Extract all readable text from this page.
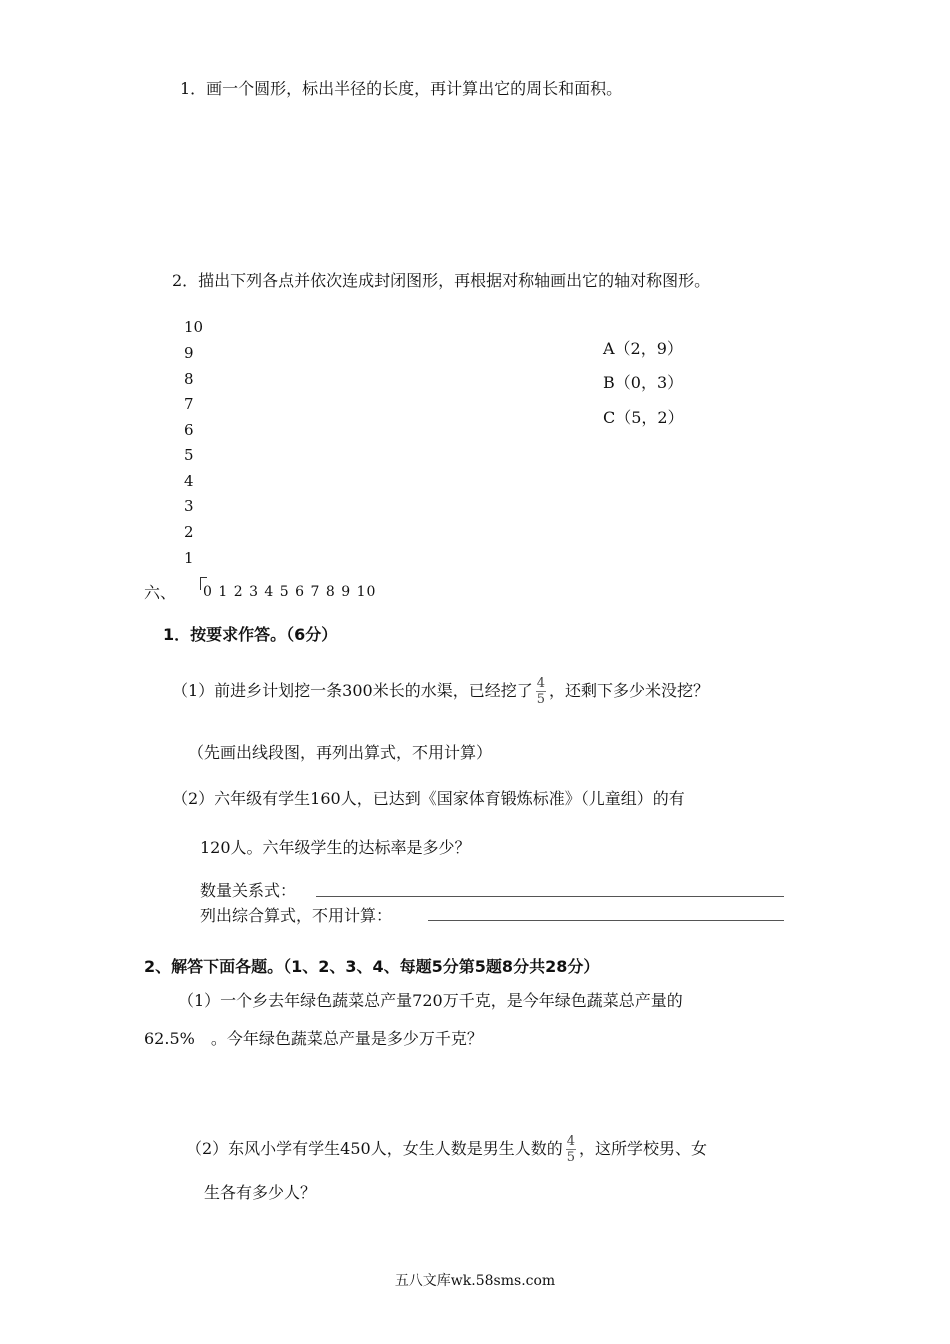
1．画一个圆形，标出半径的长度，再计算出它的周长和面积。
2．描出下列各点并依次连成封闭图形，再根据对称轴画出它的轴对称图形。
10
9
8
7
6
5
4
3
2
1
0 1 2 3 4 5 6 7 8 9 10
A（2，9）
B（0，3）
C（5，2）
六、
1．按要求作答。（6分）
（1）前进乡计划挖一条300米长的水渠，已经挖了 $\frac{4}{5}$ ，还剩下多少米没挖？
（先画出线段图，再列出算式，不用计算）
（2）六年级有学生160人，已达到《国家体育锻炼标准》（儿童组）的有
120人。六年级学生的达标率是多少？
数量关系式：
列出综合算式，不用计算：
2、解答下面各题。（1、2、3、4、每题5分第5题8分共28分）
（1）一个乡去年绿色蔬菜总产量720万千克，是今年绿色蔬菜总产量的
62.5%　。今年绿色蔬菜总产量是多少万千克？
（2）东风小学有学生450人，女生人数是男生人数的 $\frac{4}{5}$ ，这所学校男、女
生各有多少人？
五八文库wk.58sms.com
